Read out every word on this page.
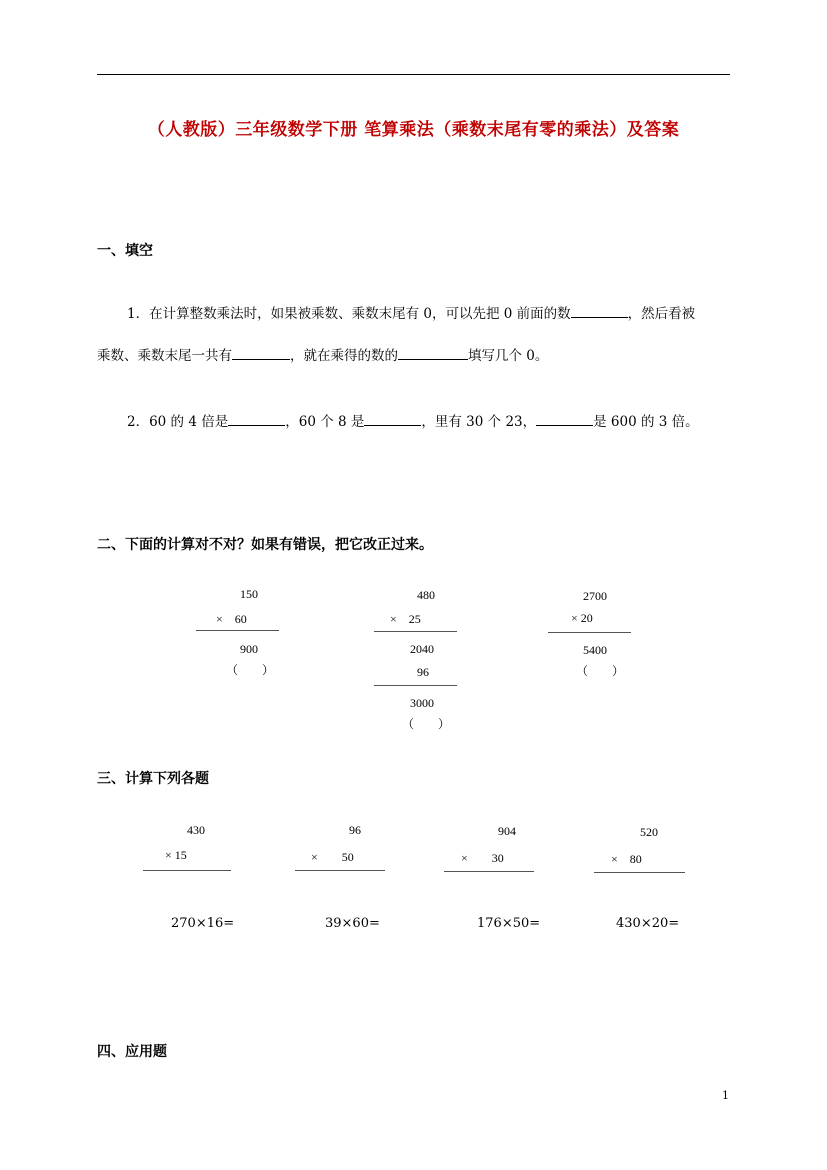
（人教版）三年级数学下册 笔算乘法（乘数末尾有零的乘法）及答案
一、填空
1．在计算整数乘法时，如果被乘数、乘数末尾有 0，可以先把 0 前面的数	，然后看被
乘数、乘数末尾一共有	，就在乘得的数的	填写几个 0。
2．60 的 4 倍是	，60 个 8 是	，里有 30 个 23，	是 600 的 3 倍。
二、下面的计算对不对？如果有错误，把它改正过来。
150
×　60
900
（　　）
480
×　25
2040
96
3000
（　　）
2700
× 20
5400
（　　）
三、计算下列各题
430
× 15
96
×　　50
904
×　　30
520
×　80
270×16=	39×60=	176×50=	430×20=
四、应用题
1
